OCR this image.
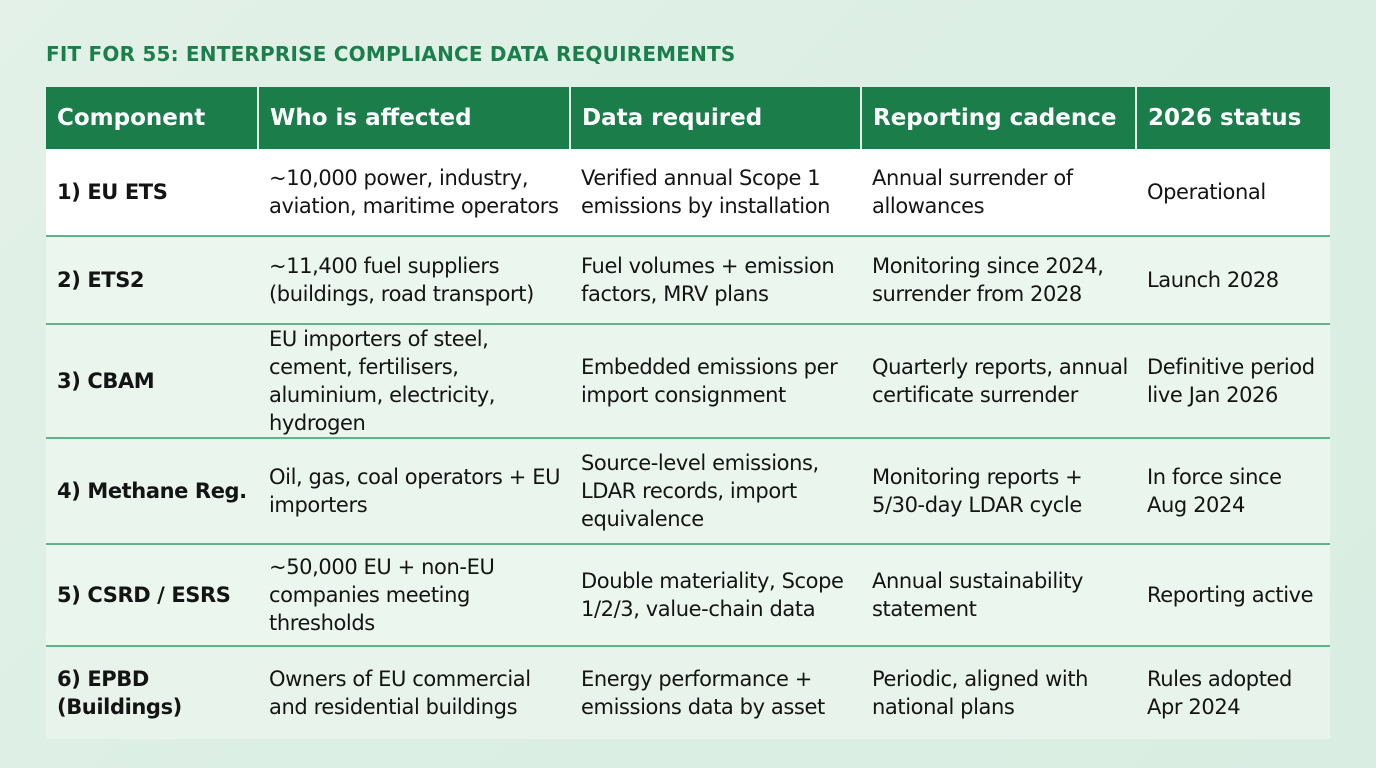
FIT FOR 55: ENTERPRISE COMPLIANCE DATA REQUIREMENTS
Component	Who is affected	Data required	Reporting cadence	2026 status
1) EU ETS	~10,000 power, industry, aviation, maritime operators	Verified annual Scope 1 emissions by installation	Annual surrender of allowances	Operational
2) ETS2	~11,400 fuel suppliers (buildings, road transport)	Fuel volumes + emission factors, MRV plans	Monitoring since 2024, surrender from 2028	Launch 2028
3) CBAM	EU importers of steel, cement, fertilisers, aluminium, electricity, hydrogen	Embedded emissions per import consignment	Quarterly reports, annual certificate surrender	Definitive period live Jan 2026
4) Methane Reg.	Oil, gas, coal operators + EU importers	Source-level emissions, LDAR records, import equivalence	Monitoring reports + 5/30-day LDAR cycle	In force since Aug 2024
5) CSRD / ESRS	~50,000 EU + non-EU companies meeting thresholds	Double materiality, Scope 1/2/3, value-chain data	Annual sustainability statement	Reporting active
6) EPBD (Buildings)	Owners of EU commercial and residential buildings	Energy performance + emissions data by asset	Periodic, aligned with national plans	Rules adopted Apr 2024
